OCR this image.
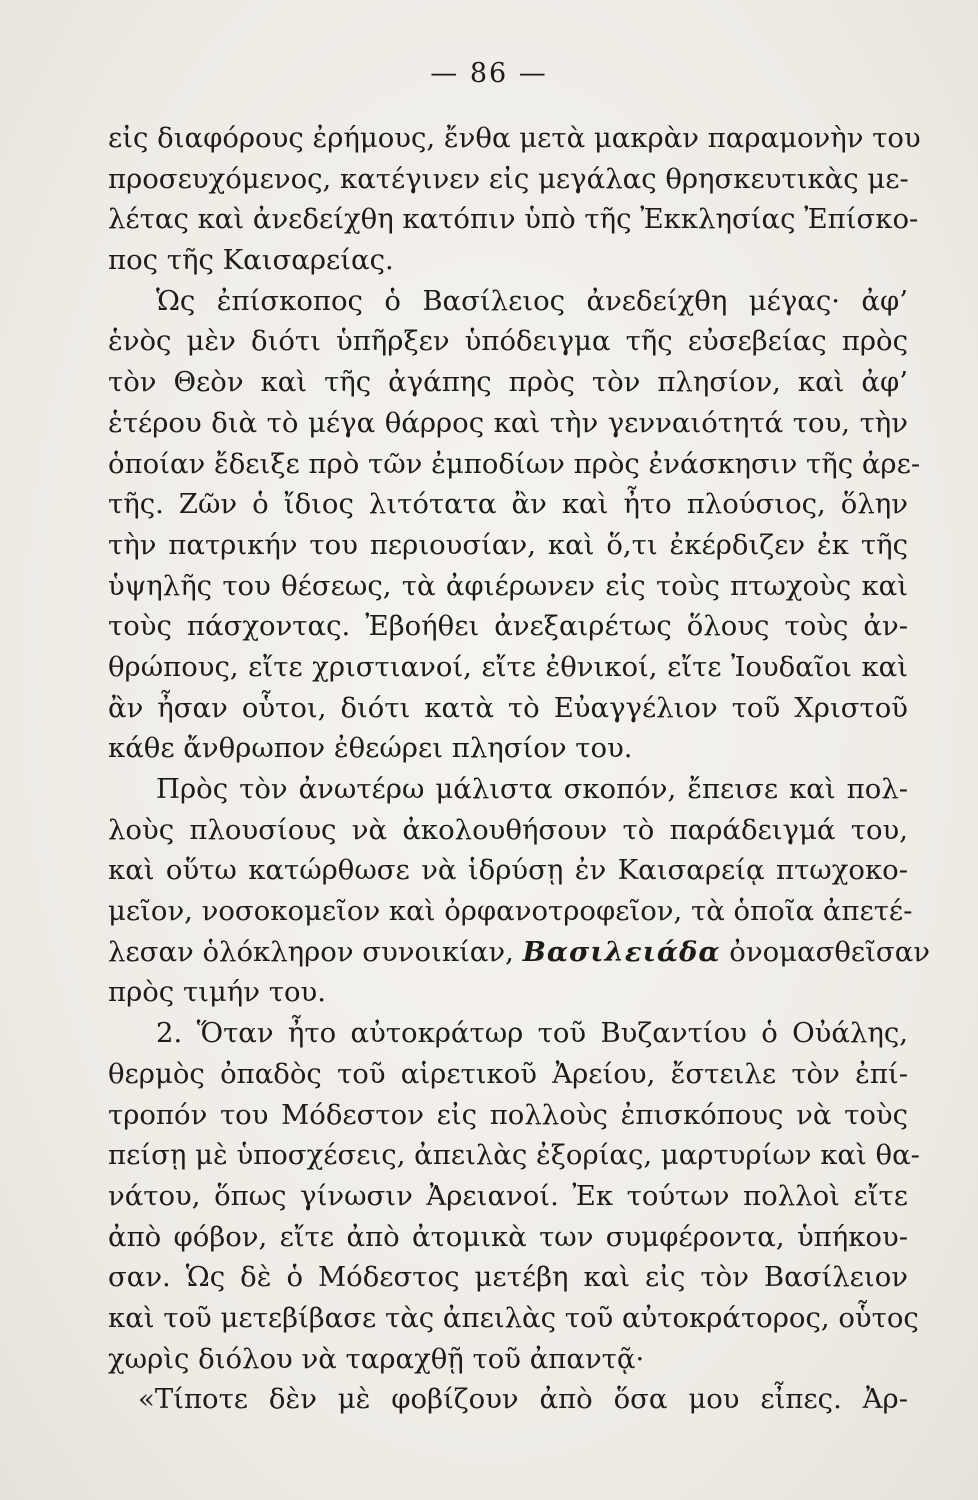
— 86 —
εἰς διαφόρους ἐρήμους, ἔνθα μετὰ μακρὰν παραμονὴν του
προσευχόμενος, κατέγινεν εἰς μεγάλας θρησκευτικὰς με-
λέτας καὶ ἀνεδείχθη κατόπιν ὑπὸ τῆς Ἐκκλησίας Ἐπίσκο-
πος τῆς Καισαρείας.
Ὡς ἐπίσκοπος ὁ Βασίλειος ἀνεδείχθη μέγας· ἀφ’
ἑνὸς μὲν διότι ὑπῆρξεν ὑπόδειγμα τῆς εὐσεβείας πρὸς
τὸν Θεὸν καὶ τῆς ἀγάπης πρὸς τὸν πλησίον, καὶ ἀφ’
ἑτέρου διὰ τὸ μέγα θάρρος καὶ τὴν γενναιότητά του, τὴν
ὁποίαν ἔδειξε πρὸ τῶν ἐμποδίων πρὸς ἐνάσκησιν τῆς ἀρε-
τῆς. Ζῶν ὁ ἴδιος λιτότατα ἂν καὶ ἦτο πλούσιος, ὅλην
τὴν πατρικήν του περιουσίαν, καὶ ὅ,τι ἐκέρδιζεν ἐκ τῆς
ὑψηλῆς του θέσεως, τὰ ἀφιέρωνεν εἰς τοὺς πτωχοὺς καὶ
τοὺς πάσχοντας. Ἐβοήθει ἀνεξαιρέτως ὅλους τοὺς ἀν-
θρώπους, εἴτε χριστιανοί, εἴτε ἐθνικοί, εἴτε Ἰουδαῖοι καὶ
ἂν ἦσαν οὗτοι, διότι κατὰ τὸ Εὐαγγέλιον τοῦ Χριστοῦ
κάθε ἄνθρωπον ἐθεώρει πλησίον του.
Πρὸς τὸν ἀνωτέρω μάλιστα σκοπόν, ἔπεισε καὶ πολ-
λοὺς πλουσίους νὰ ἀκολουθήσουν τὸ παράδειγμά του,
καὶ οὕτω κατώρθωσε νὰ ἱδρύσῃ ἐν Καισαρείᾳ πτωχοκο-
μεῖον, νοσοκομεῖον καὶ ὀρφανοτροφεῖον, τὰ ὁποῖα ἀπετέ-
λεσαν ὁλόκληρον συνοικίαν, Βασιλειάδα ὀνομασθεῖσαν
πρὸς τιμήν του.
2. Ὅταν ἦτο αὐτοκράτωρ τοῦ Βυζαντίου ὁ Οὐάλης,
θερμὸς ὀπαδὸς τοῦ αἱρετικοῦ Ἀρείου, ἔστειλε τὸν ἐπί-
τροπόν του Μόδεστον εἰς πολλοὺς ἐπισκόπους νὰ τοὺς
πείσῃ μὲ ὑποσχέσεις, ἀπειλὰς ἐξορίας, μαρτυρίων καὶ θα-
νάτου, ὅπως γίνωσιν Ἀρειανοί. Ἐκ τούτων πολλοὶ εἴτε
ἀπὸ φόβον, εἴτε ἀπὸ ἀτομικὰ των συμφέροντα, ὑπήκου-
σαν. Ὡς δὲ ὁ Μόδεστος μετέβη καὶ εἰς τὸν Βασίλειον
καὶ τοῦ μετεβίβασε τὰς ἀπειλὰς τοῦ αὐτοκράτορος, οὗτος
χωρὶς διόλου νὰ ταραχθῇ τοῦ ἀπαντᾷ·
«Τίποτε δὲν μὲ φοβίζουν ἀπὸ ὅσα μου εἶπες. Ἀρ-
